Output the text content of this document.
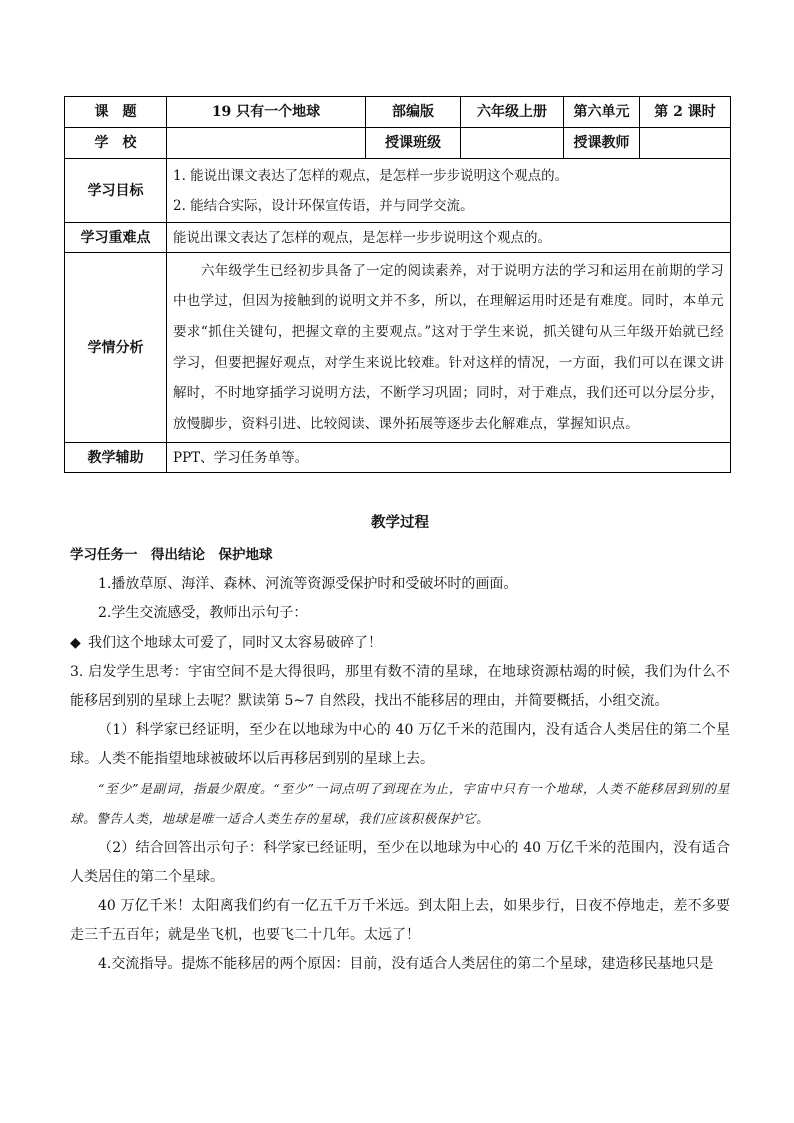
课　题	19 只有一个地球	部编版	六年级上册	第六单元	第 2 课时
学　校		授课班级		授课教师	
学习目标	1. 能说出课文表达了怎样的观点，是怎样一步步说明这个观点的。
2. 能结合实际，设计环保宣传语，并与同学交流。				

学习重难点	能说出课文表达了怎样的观点，是怎样一步步说明这个观点的。				
学情分析	六年级学生已经初步具备了一定的阅读素养，对于说明方法的学习和运用在前期的学习中也学过，但因为接触到的说明文并不多，所以，在理解运用时还是有难度。同时，本单元要求“抓住关键句，把握文章的主要观点。”这对于学生来说，抓关键句从三年级开始就已经学习，但要把握好观点，对学生来说比较难。针对这样的情况，一方面，我们可以在课文讲解时，不时地穿插学习说明方法，不断学习巩固；同时，对于难点，我们还可以分层分步，放慢脚步，资料引进、比较阅读、课外拓展等逐步去化解难点，掌握知识点。				

教学辅助	PPT、学习任务单等。				
教学过程
学习任务一　得出结论　保护地球
1.播放草原、海洋、森林、河流等资源受保护时和受破坏时的画面。
2.学生交流感受，教师出示句子：
◆ 我们这个地球太可爱了，同时又太容易破碎了！
3. 启发学生思考：宇宙空间不是大得很吗，那里有数不清的星球，在地球资源枯竭的时候，我们为什么不能移居到别的星球上去呢？默读第 5~7 自然段，找出不能移居的理由，并简要概括，小组交流。
（1）科学家已经证明，至少在以地球为中心的 40 万亿千米的范围内，没有适合人类居住的第二个星球。人类不能指望地球被破坏以后再移居到别的星球上去。
“至少”是副词，指最少限度。“至少”一词点明了到现在为止，宇宙中只有一个地球，人类不能移居到别的星球。警告人类，地球是唯一适合人类生存的星球，我们应该积极保护它。
（2）结合回答出示句子：科学家已经证明，至少在以地球为中心的 40 万亿千米的范围内，没有适合人类居住的第二个星球。
40 万亿千米！太阳离我们约有一亿五千万千米远。到太阳上去，如果步行，日夜不停地走，差不多要走三千五百年；就是坐飞机，也要飞二十几年。太远了！
4.交流指导。提炼不能移居的两个原因：目前，没有适合人类居住的第二个星球，建造移民基地只是
